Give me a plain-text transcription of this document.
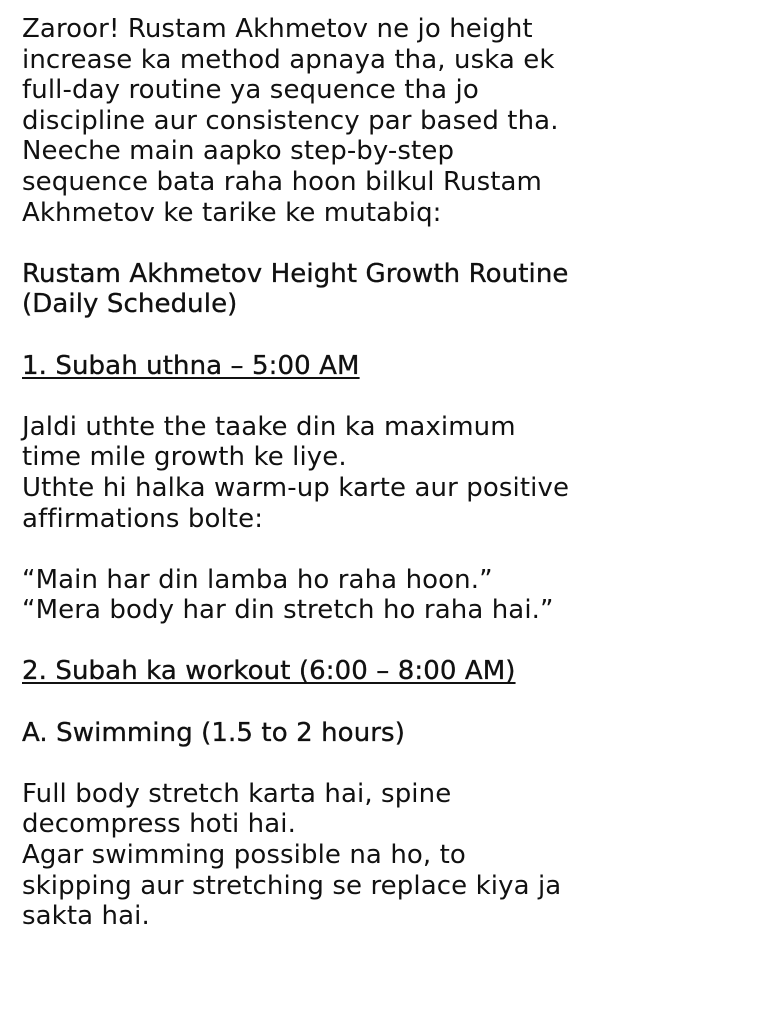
Zaroor! Rustam Akhmetov ne jo height
increase ka method apnaya tha, uska ek
full-day routine ya sequence tha jo
discipline aur consistency par based tha.
Neeche main aapko step-by-step
sequence bata raha hoon bilkul Rustam
Akhmetov ke tarike ke mutabiq:
Rustam Akhmetov Height Growth Routine
(Daily Schedule)
1. Subah uthna – 5:00 AM
Jaldi uthte the taake din ka maximum
time mile growth ke liye.
Uthte hi halka warm-up karte aur positive
affirmations bolte:
“Main har din lamba ho raha hoon.”
“Mera body har din stretch ho raha hai.”
2. Subah ka workout (6:00 – 8:00 AM)
A. Swimming (1.5 to 2 hours)
Full body stretch karta hai, spine
decompress hoti hai.
Agar swimming possible na ho, to
skipping aur stretching se replace kiya ja
sakta hai.
